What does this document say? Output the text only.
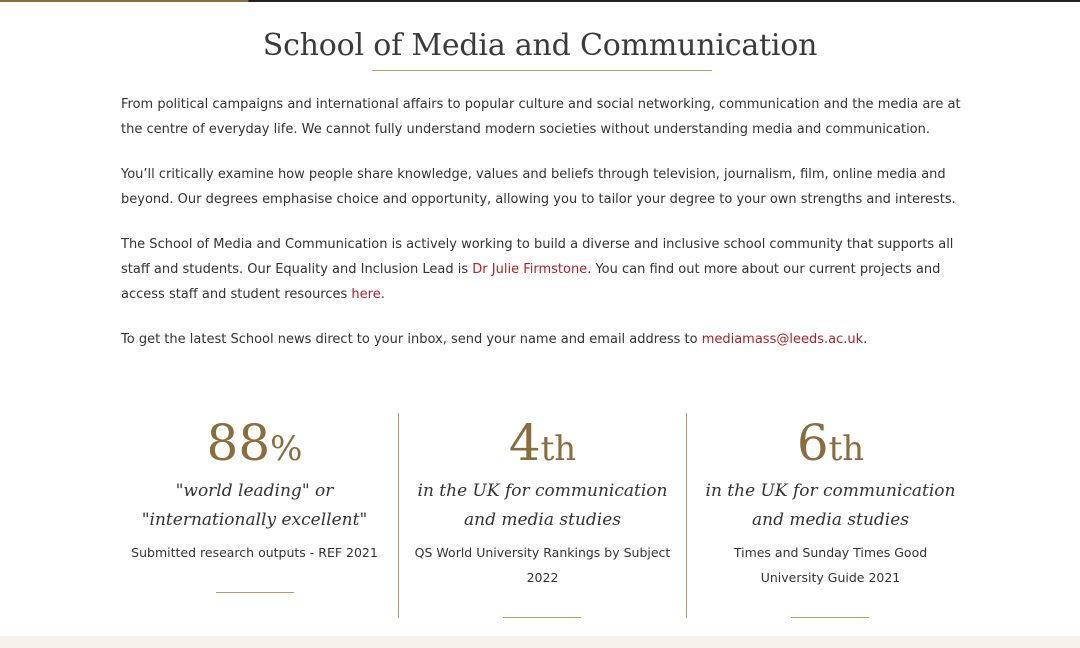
School of Media and Communication

From political campaigns and international affairs to popular culture and social networking, communication and the media are at the centre of everyday life. We cannot fully understand modern societies without understanding media and communication.

You’ll critically examine how people share knowledge, values and beliefs through television, journalism, film, online media and beyond. Our degrees emphasise choice and opportunity, allowing you to tailor your degree to your own strengths and interests.

The School of Media and Communication is actively working to build a diverse and inclusive school community that supports all staff and students. Our Equality and Inclusion Lead is Dr Julie Firmstone. You can find out more about our current projects and access staff and student resources here.

To get the latest School news direct to your inbox, send your name and email address to mediamass@leeds.ac.uk.

88%
"world leading" or
"internationally excellent"
Submitted research outputs - REF 2021
4th
in the UK for communication
and media studies
QS World University Rankings by Subject
2022
6th
in the UK for communication
and media studies
Times and Sunday Times Good
University Guide 2021
